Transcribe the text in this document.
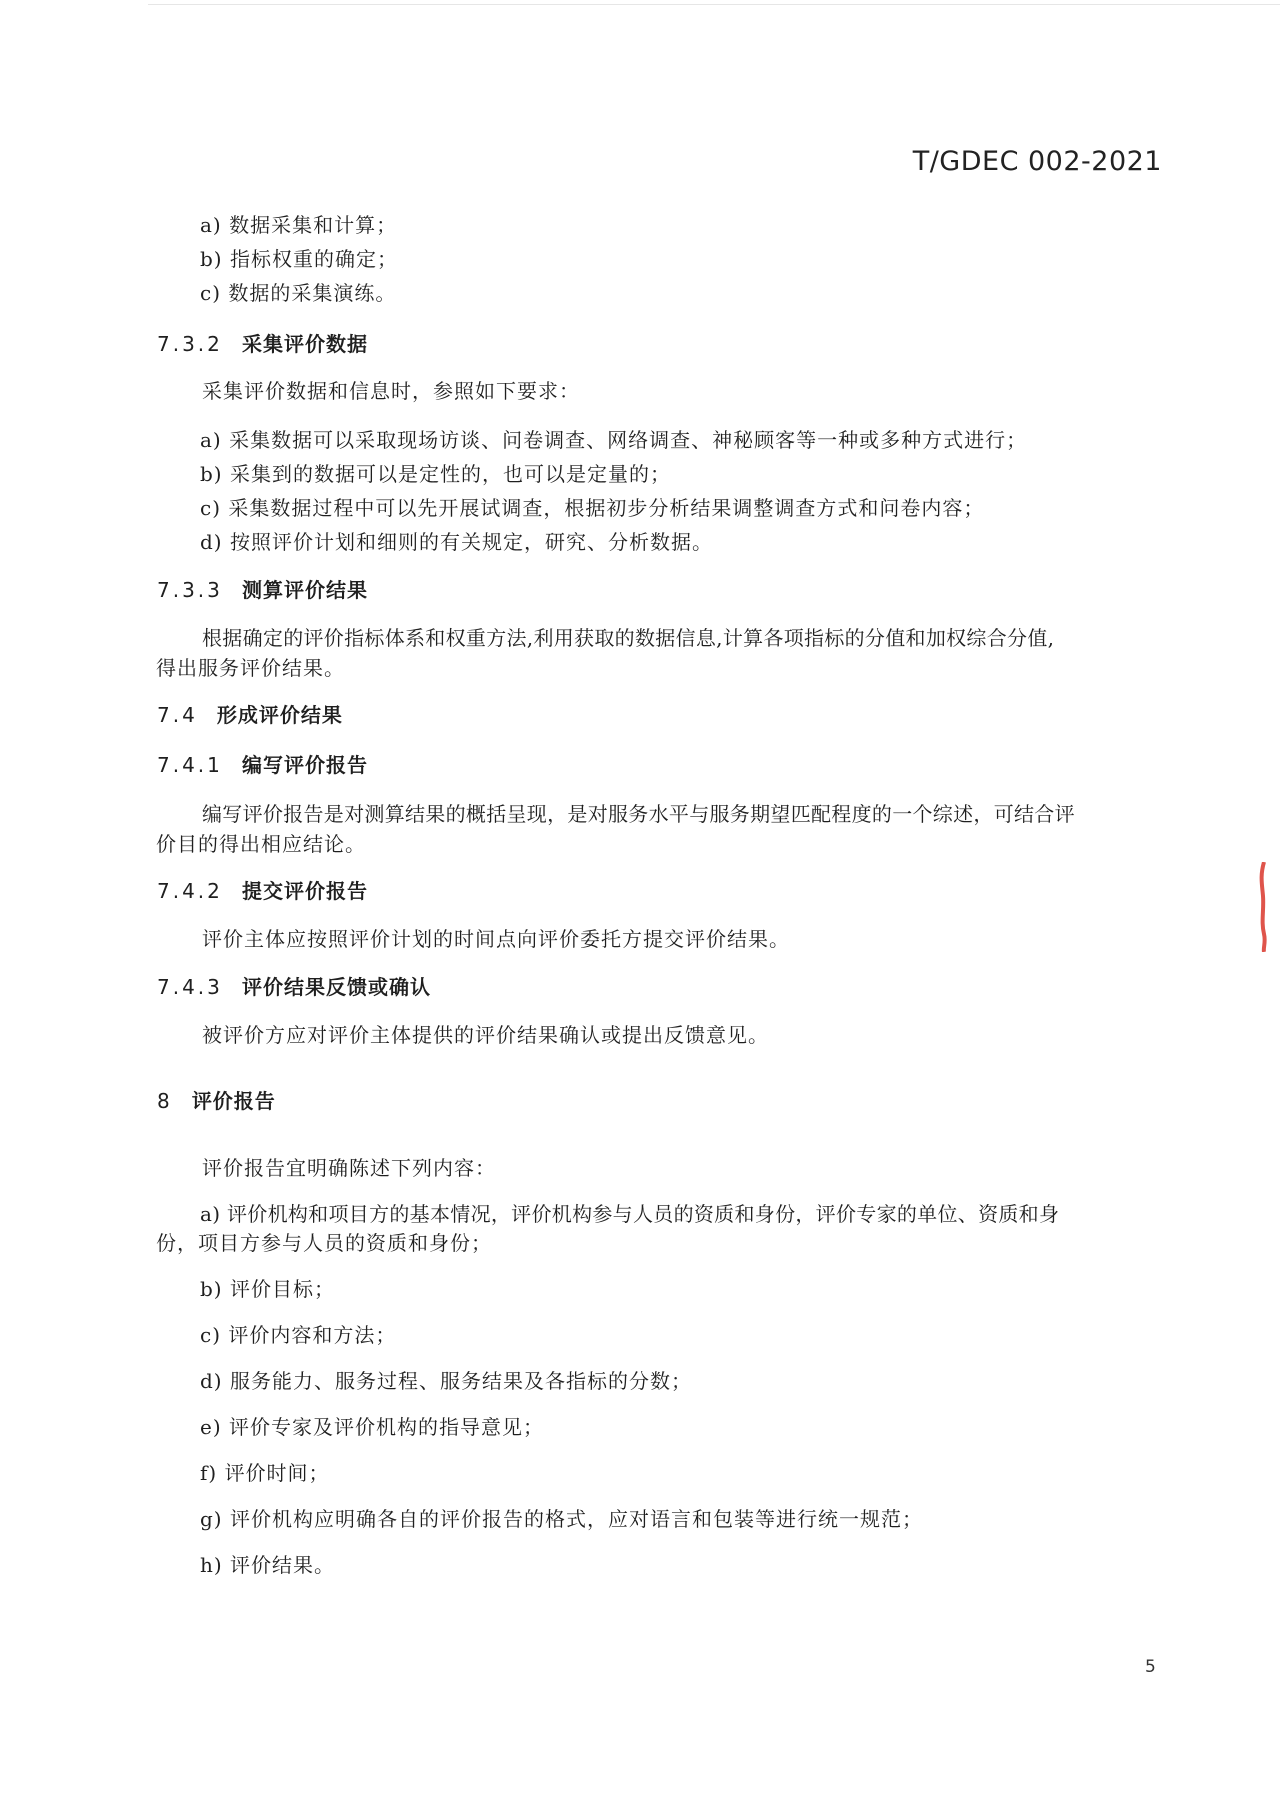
T/GDEC 002-2021
a) 数据采集和计算；
b) 指标权重的确定；
c) 数据的采集演练。
7.3.2 采集评价数据
采集评价数据和信息时，参照如下要求：
a) 采集数据可以采取现场访谈、问卷调查、网络调查、神秘顾客等一种或多种方式进行；
b) 采集到的数据可以是定性的，也可以是定量的；
c) 采集数据过程中可以先开展试调查，根据初步分析结果调整调查方式和问卷内容；
d) 按照评价计划和细则的有关规定，研究、分析数据。
7.3.3 测算评价结果
根据确定的评价指标体系和权重方法,利用获取的数据信息,计算各项指标的分值和加权综合分值,
得出服务评价结果。
7.4 形成评价结果
7.4.1 编写评价报告
编写评价报告是对测算结果的概括呈现，是对服务水平与服务期望匹配程度的一个综述，可结合评
价目的得出相应结论。
7.4.2 提交评价报告
评价主体应按照评价计划的时间点向评价委托方提交评价结果。
7.4.3 评价结果反馈或确认
被评价方应对评价主体提供的评价结果确认或提出反馈意见。
8 评价报告
评价报告宜明确陈述下列内容：
a) 评价机构和项目方的基本情况，评价机构参与人员的资质和身份，评价专家的单位、资质和身
份，项目方参与人员的资质和身份；
b) 评价目标；
c) 评价内容和方法；
d) 服务能力、服务过程、服务结果及各指标的分数；
e) 评价专家及评价机构的指导意见；
f) 评价时间；
g) 评价机构应明确各自的评价报告的格式，应对语言和包装等进行统一规范；
h) 评价结果。
5
